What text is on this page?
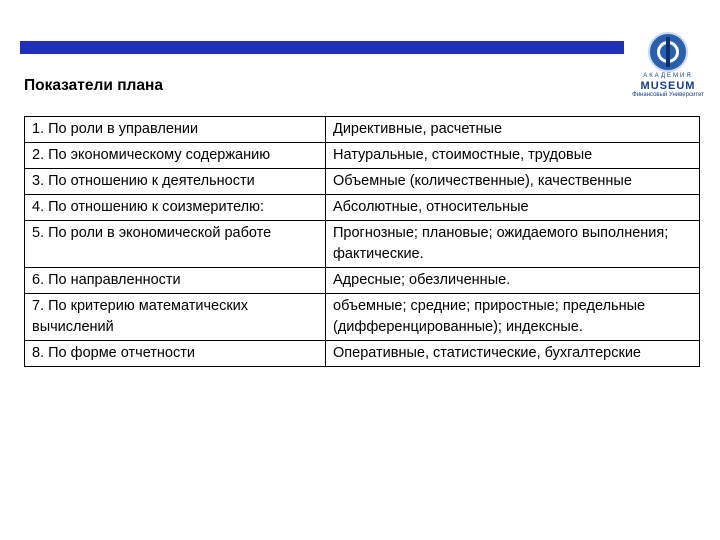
АКАДЕМИЯ
MUSEUM
Финансовый Университет
Показатели плана
1. По роли в управлении	Директивные, расчетные
2. По экономическому содержанию	Натуральные, стоимостные, трудовые
3. По отношению к деятельности	Объемные (количественные), качественные
4. По отношению к соизмерителю:	Абсолютные, относительные
5. По роли в экономической работе	Прогнозные; плановые; ожидаемого выполнения; фактические.
6. По направленности	Адресные; обезличенные.
7. По критерию математических вычислений	объемные; средние; приростные; предельные (дифференцированные); индексные.
8. По форме отчетности	Оперативные, статистические, бухгалтерские
